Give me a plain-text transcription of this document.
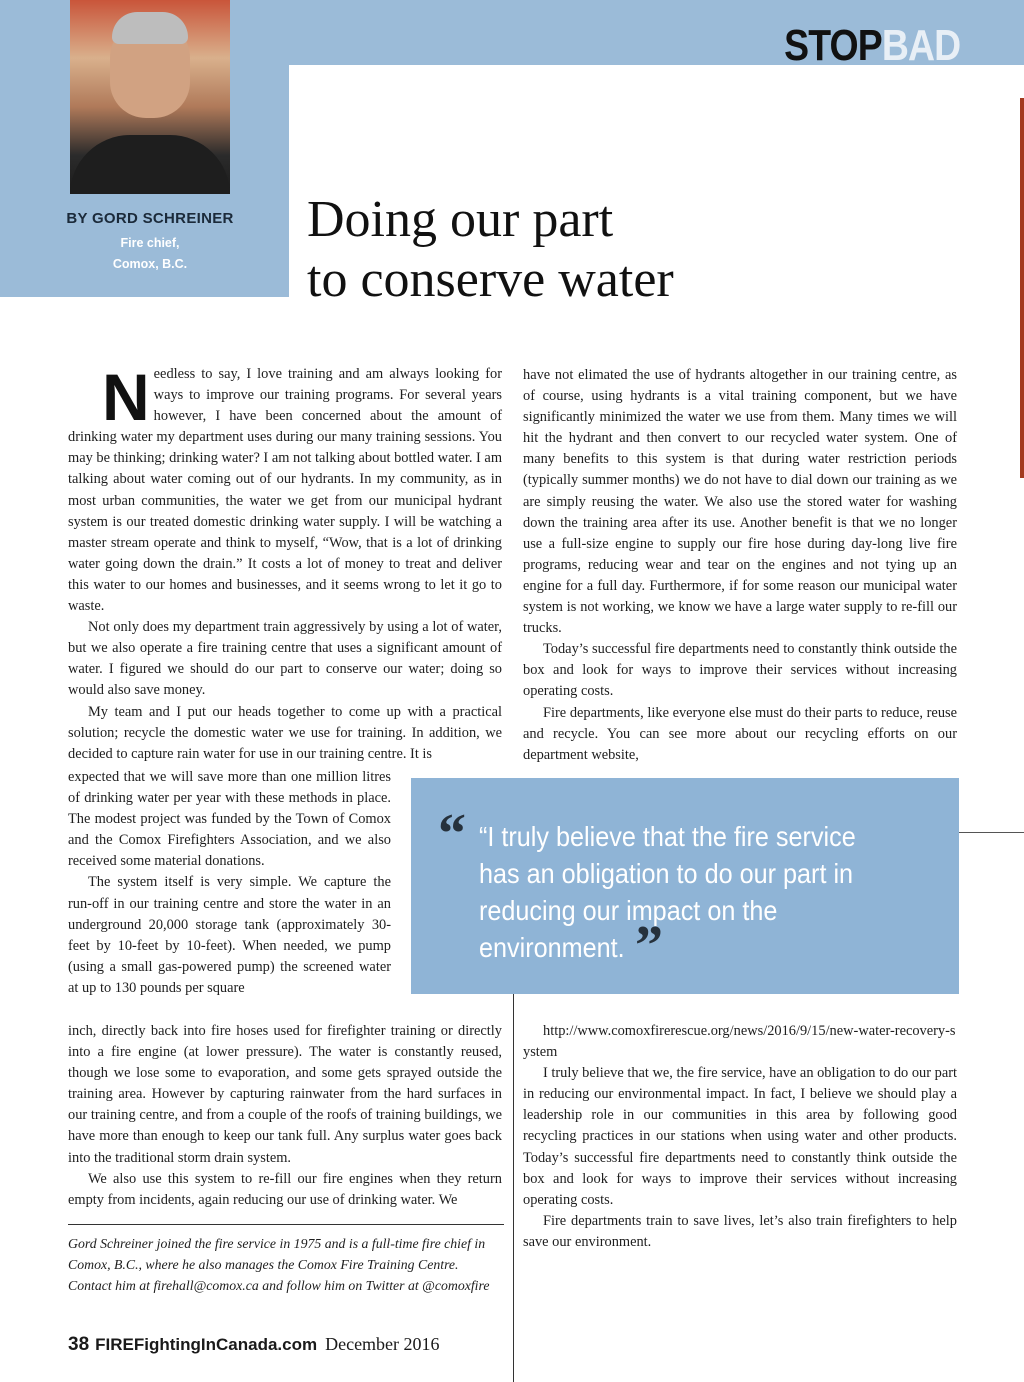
STOPBAD
BY GORD SCHREINER
Fire chief,
Comox, B.C.
Doing our part
to conserve water
N eedless to say, I love training and am always looking for ways to improve our training programs. For several years however, I have been concerned about the amount of drinking water my department uses during our many training sessions. You may be thinking; drinking water? I am not talking about bottled water. I am talking about water coming out of our hydrants. In my community, as in most urban communities, the water we get from our municipal hydrant system is our treated domestic drinking water supply. I will be watching a master stream operate and think to myself, “Wow, that is a lot of drinking water going down the drain.” It costs a lot of money to treat and deliver this water to our homes and businesses, and it seems wrong to let it go to waste.

Not only does my department train aggressively by using a lot of water, but we also operate a fire training centre that uses a significant amount of water. I figured we should do our part to conserve our water; doing so would also save money.

My team and I put our heads together to come up with a practical solution; recycle the domestic water we use for training. In addition, we decided to capture rain water for use in our training centre. It is

expected that we will save more than one million litres of drinking water per year with these methods in place. The modest project was funded by the Town of Comox and the Comox Firefighters Association, and we also received some material donations.

The system itself is very simple. We capture the run-off in our training centre and store the water in an underground 20,000 storage tank (approximately 30-feet by 10-feet by 10-feet). When needed, we pump (using a small gas-powered pump) the screened water at up to 130 pounds per square

inch, directly back into fire hoses used for firefighter training or directly into a fire engine (at lower pressure). The water is constantly reused, though we lose some to evaporation, and some gets sprayed outside the training area. However by capturing rainwater from the hard surfaces in our training centre, and from a couple of the roofs of training buildings, we have more than enough to keep our tank full. Any surplus water goes back into the traditional storm drain system.

We also use this system to re-fill our fire engines when they return empty from incidents, again reducing our use of drinking water. We

have not elimated the use of hydrants altogether in our training centre, as of course, using hydrants is a vital training component, but we have significantly minimized the water we use from them. Many times we will hit the hydrant and then convert to our recycled water system. One of many benefits to this system is that during water restriction periods (typically summer months) we do not have to dial down our training as we are simply reusing the water. We also use the stored water for washing down the training area after its use. Another benefit is that we no longer use a full-size engine to supply our fire hose during day-long live fire programs, reducing wear and tear on the engines and not tying up an engine for a full day. Furthermore, if for some reason our municipal water system is not working, we know we have a large water supply to re-fill our trucks.

Today’s successful fire departments need to constantly think outside the box and look for ways to improve their services without increasing operating costs.

Fire departments, like everyone else must do their parts to reduce, reuse and recycle. You can see more about our recycling efforts on our department website,

“ “I truly believe that the fire service has an obligation to do our part in reducing our impact on the environment. ”

http://www.comoxfirerescue.org/news/2016/9/15/new-water-recovery-system

I truly believe that we, the fire service, have an obligation to do our part in reducing our environmental impact. In fact, I believe we should play a leadership role in our communities in this area by following good recycling practices in our stations when using water and other products. Today’s successful fire departments need to constantly think outside the box and look for ways to improve their services without increasing operating costs.

Fire departments train to save lives, let’s also train firefighters to help save our environment.

Gord Schreiner joined the fire service in 1975 and is a full-time fire chief in Comox, B.C., where he also manages the Comox Fire Training Centre. Contact him at firehall@comox.ca and follow him on Twitter at @comoxfire
38 FIREFightingInCanada.com December 2016
